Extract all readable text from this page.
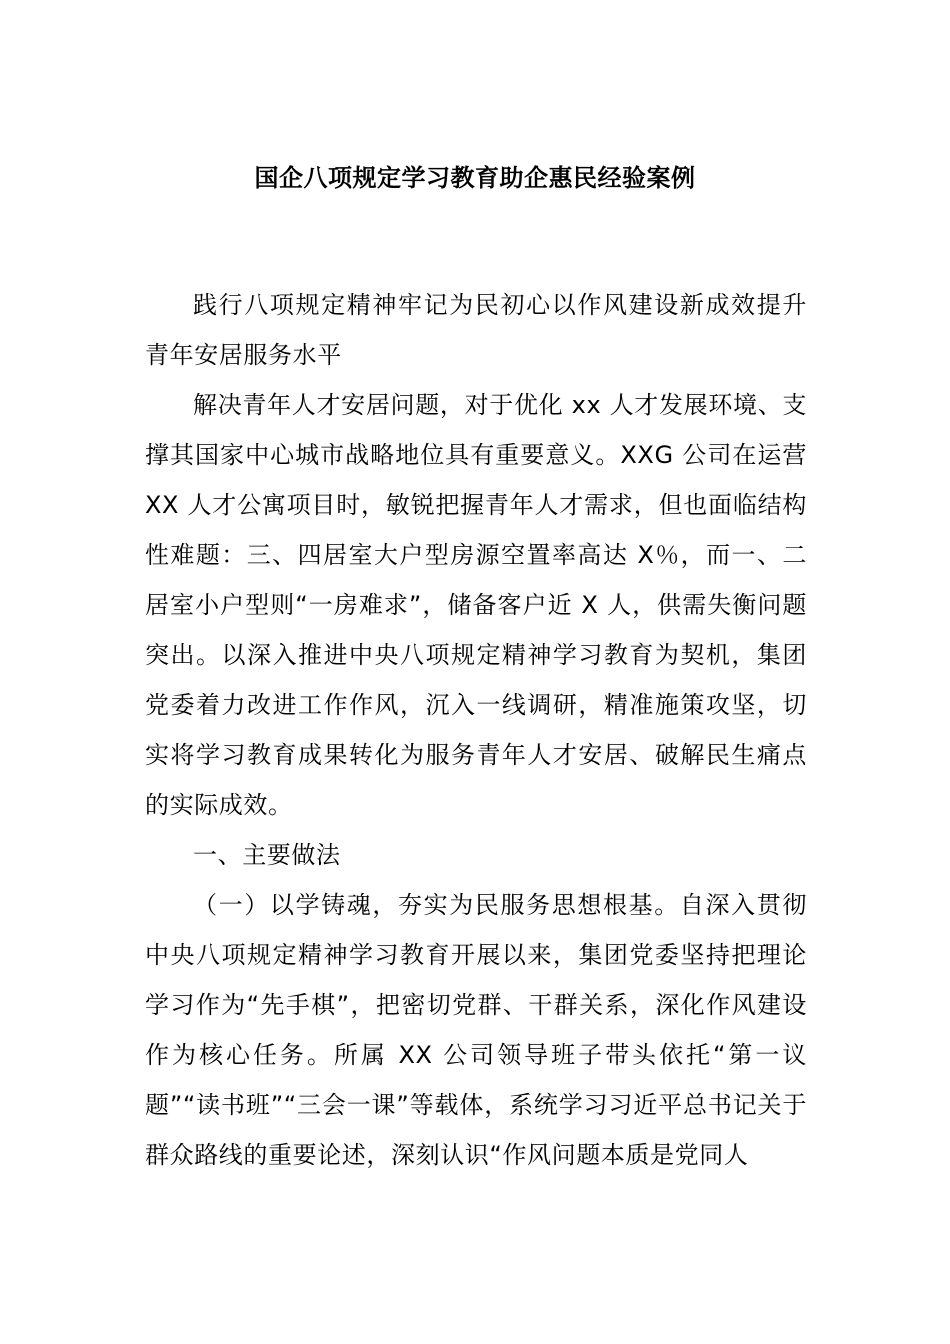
国企八项规定学习教育助企惠民经验案例

践行八项规定精神牢记为民初心以作风建设新成效提升青年安居服务水平

解决青年人才安居问题，对于优化 xx 人才发展环境、支撑其国家中心城市战略地位具有重要意义。XXG 公司在运营 XX 人才公寓项目时，敏锐把握青年人才需求，但也面临结构性难题：三、四居室大户型房源空置率高达 X％，而一、二居室小户型则“一房难求”，储备客户近 X 人，供需失衡问题突出。以深入推进中央八项规定精神学习教育为契机，集团党委着力改进工作作风，沉入一线调研，精准施策攻坚，切实将学习教育成果转化为服务青年人才安居、破解民生痛点的实际成效。

一、主要做法

（一）以学铸魂，夯实为民服务思想根基。自深入贯彻中央八项规定精神学习教育开展以来，集团党委坚持把理论学习作为“先手棋”，把密切党群、干群关系，深化作风建设作为核心任务。所属 XX 公司领导班子带头依托“第一议题”“读书班”“三会一课”等载体，系统学习习近平总书记关于群众路线的重要论述，深刻认识“作风问题本质是党同人
